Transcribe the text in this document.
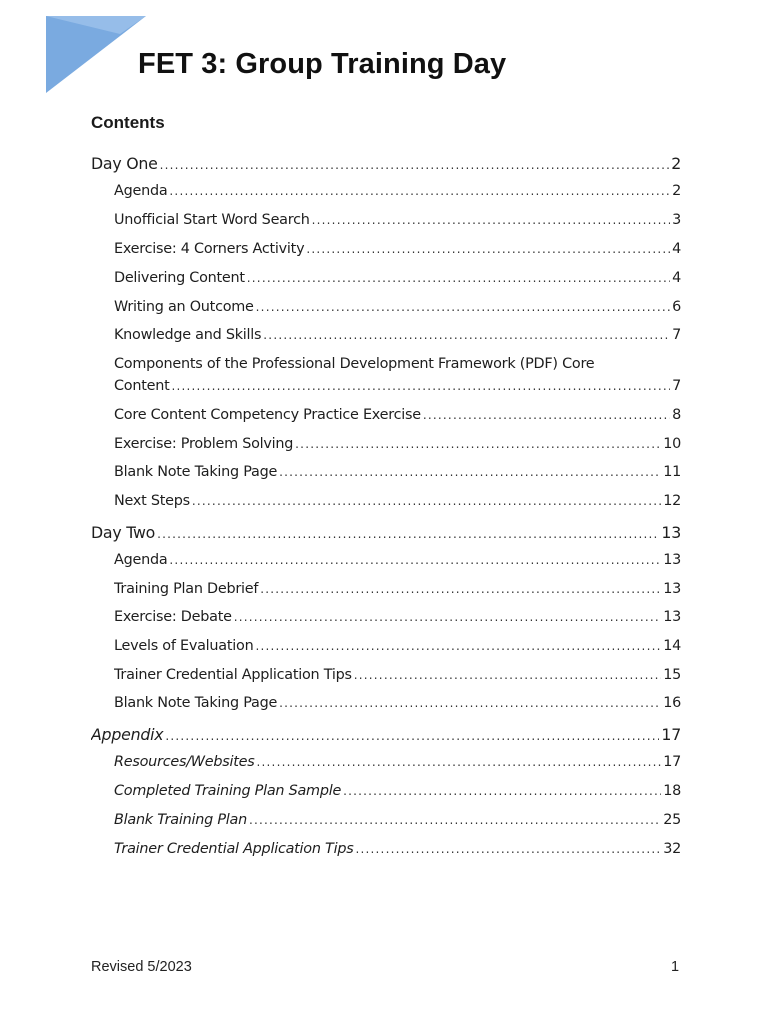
FET 3: Group Training Day
Contents
Day One .....	2
Agenda .....	2
Unofficial Start Word Search .....	3
Exercise: 4 Corners Activity .....	4
Delivering Content .....	4
Writing an Outcome .....	6
Knowledge and Skills .....	7
Components of the Professional Development Framework (PDF) Core
Content .....	7
Core Content Competency Practice Exercise .....	8
Exercise: Problem Solving .....	10
Blank Note Taking Page .....	11
Next Steps .....	12
Day Two .....	13
Agenda .....	13
Training Plan Debrief .....	13
Exercise: Debate .....	13
Levels of Evaluation .....	14
Trainer Credential Application Tips .....	15
Blank Note Taking Page .....	16
Appendix .....	17
Resources/Websites .....	17
Completed Training Plan Sample .....	18
Blank Training Plan .....	25
Trainer Credential Application Tips .....	32
Revised 5/2023	1
